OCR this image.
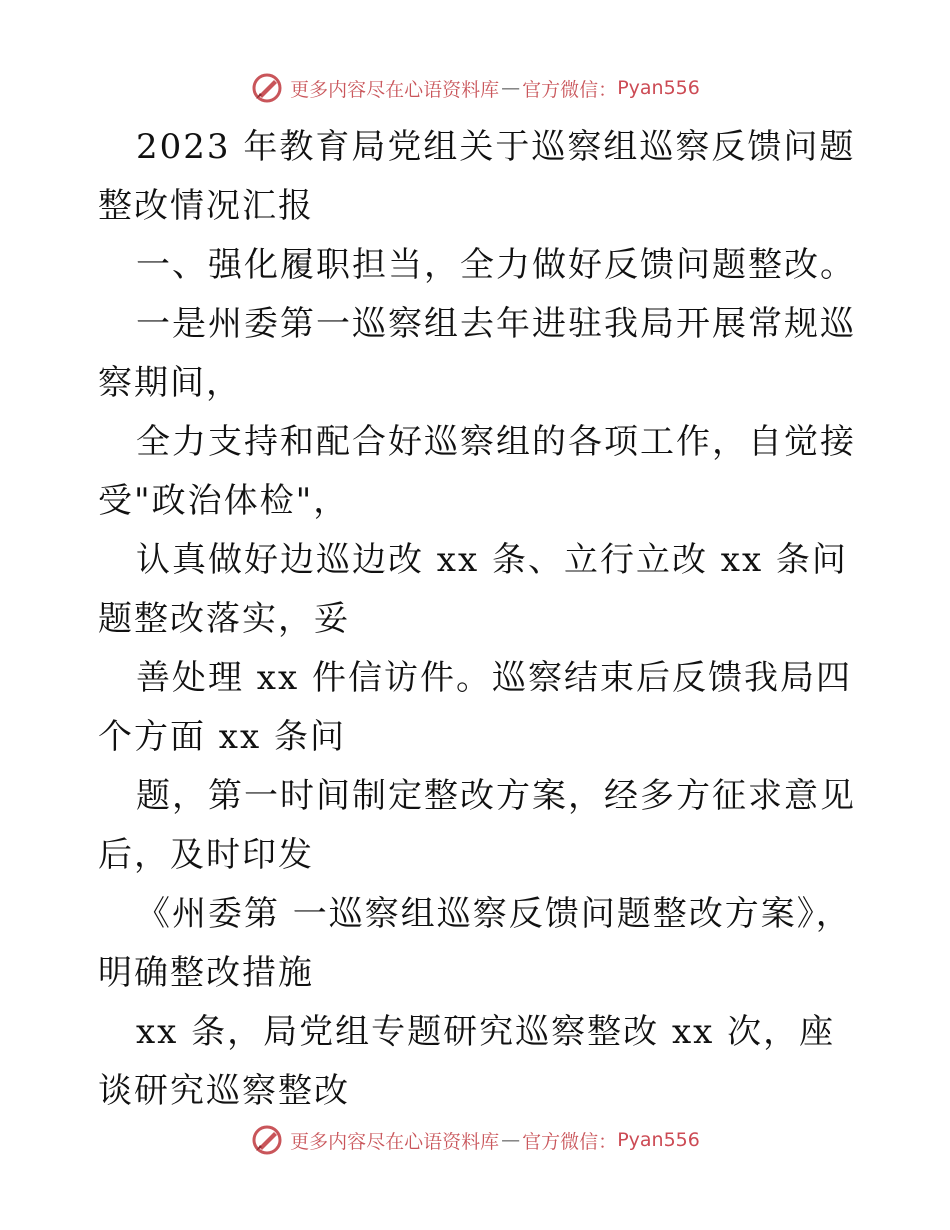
更多内容尽在心语资料库 — 官方微信： Pyan556

2023 年教育局党组关于巡察组巡察反馈问题整改情况汇报

一、强化履职担当，全力做好反馈问题整改。

一是州委第一巡察组去年进驻我局开展常规巡察期间，

全力支持和配合好巡察组的各项工作，自觉接受"政治体检"，

认真做好边巡边改 xx 条、立行立改 xx 条问题整改落实，妥

善处理 xx 件信访件。巡察结束后反馈我局四个方面 xx 条问

题，第一时间制定整改方案，经多方征求意见后，及时印发

《州委第 一巡察组巡察反馈问题整改方案》，明确整改措施

xx 条，局党组专题研究巡察整改 xx 次，座谈研究巡察整改

更多内容尽在心语资料库 — 官方微信： Pyan556
